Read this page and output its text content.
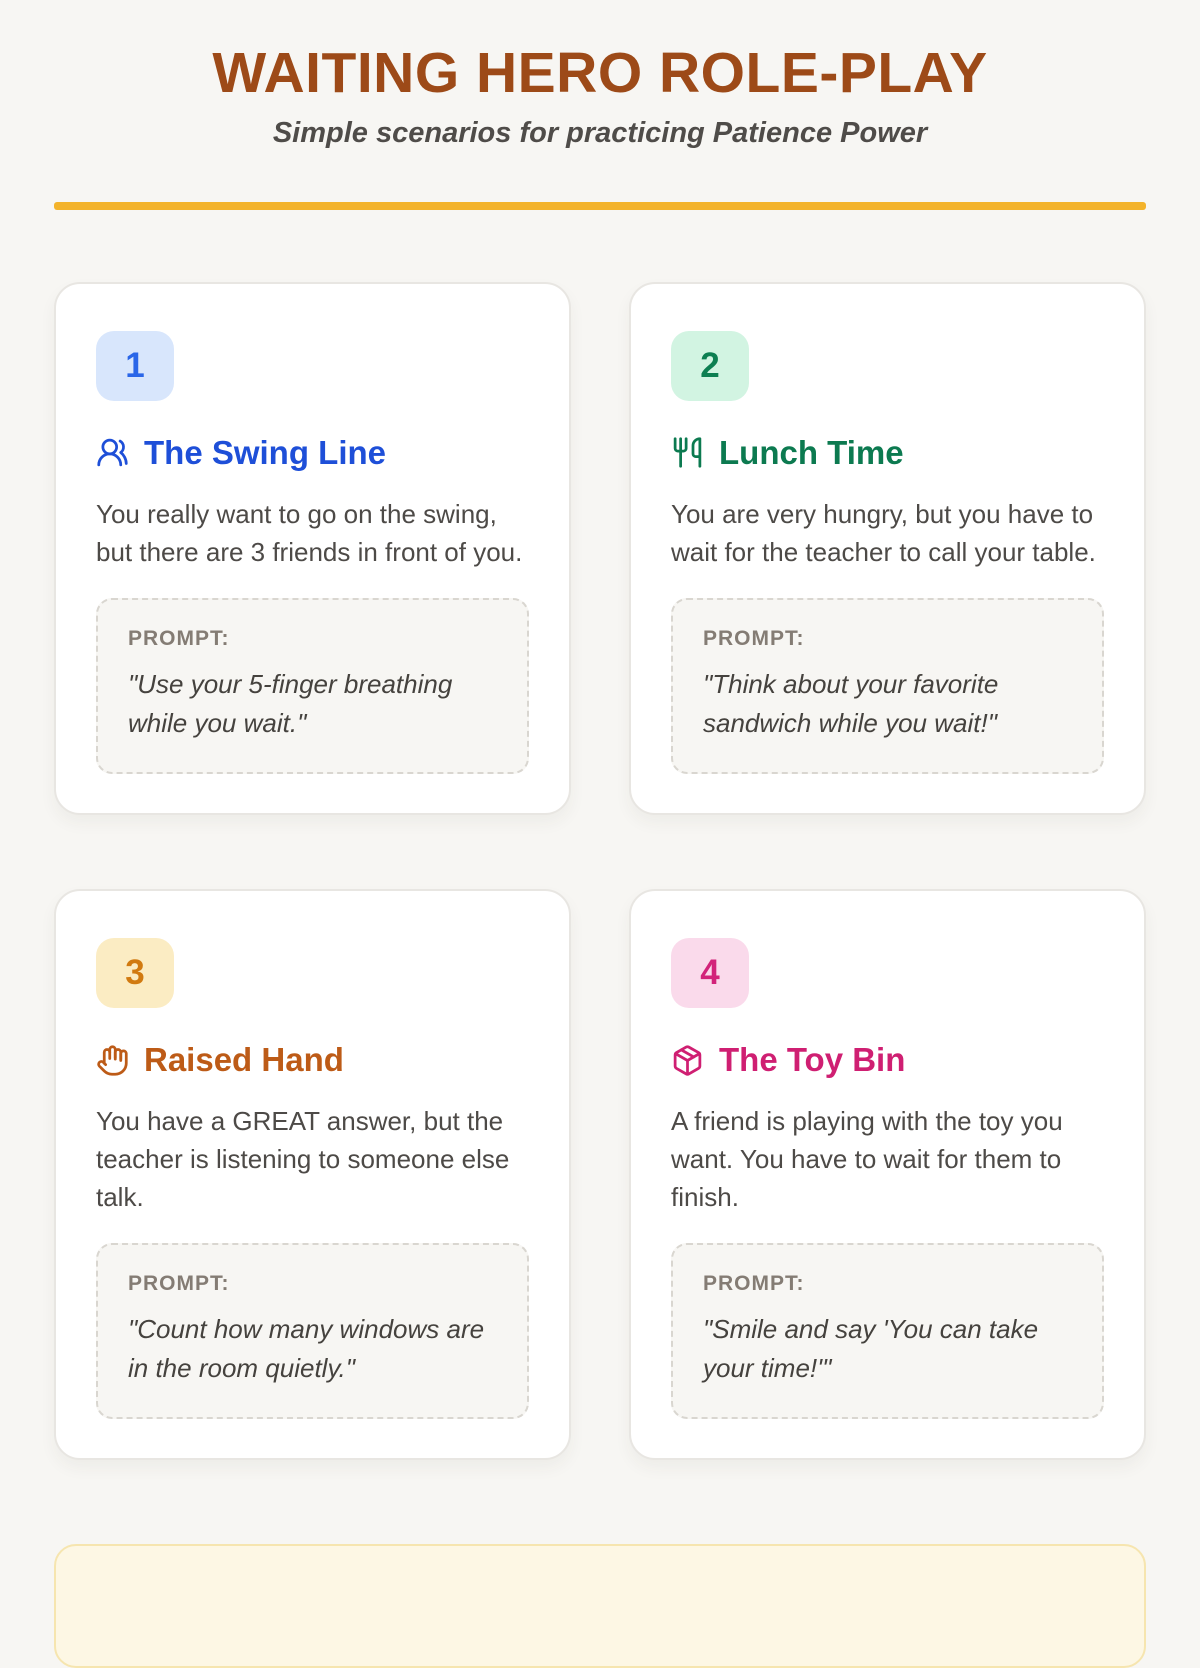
WAITING HERO ROLE-PLAY

Simple scenarios for practicing Patience Power

1
The Swing Line

You really want to go on the swing, but there are 3 friends in front of you.

PROMPT:
"Use your 5-finger breathing while you wait."
2
Lunch Time

You are very hungry, but you have to wait for the teacher to call your table.

PROMPT:
"Think about your favorite sandwich while you wait!"
3
Raised Hand

You have a GREAT answer, but the teacher is listening to someone else talk.

PROMPT:
"Count how many windows are in the room quietly."
4
The Toy Bin

A friend is playing with the toy you want. You have to wait for them to finish.

PROMPT:
"Smile and say 'You can take your time!'"
